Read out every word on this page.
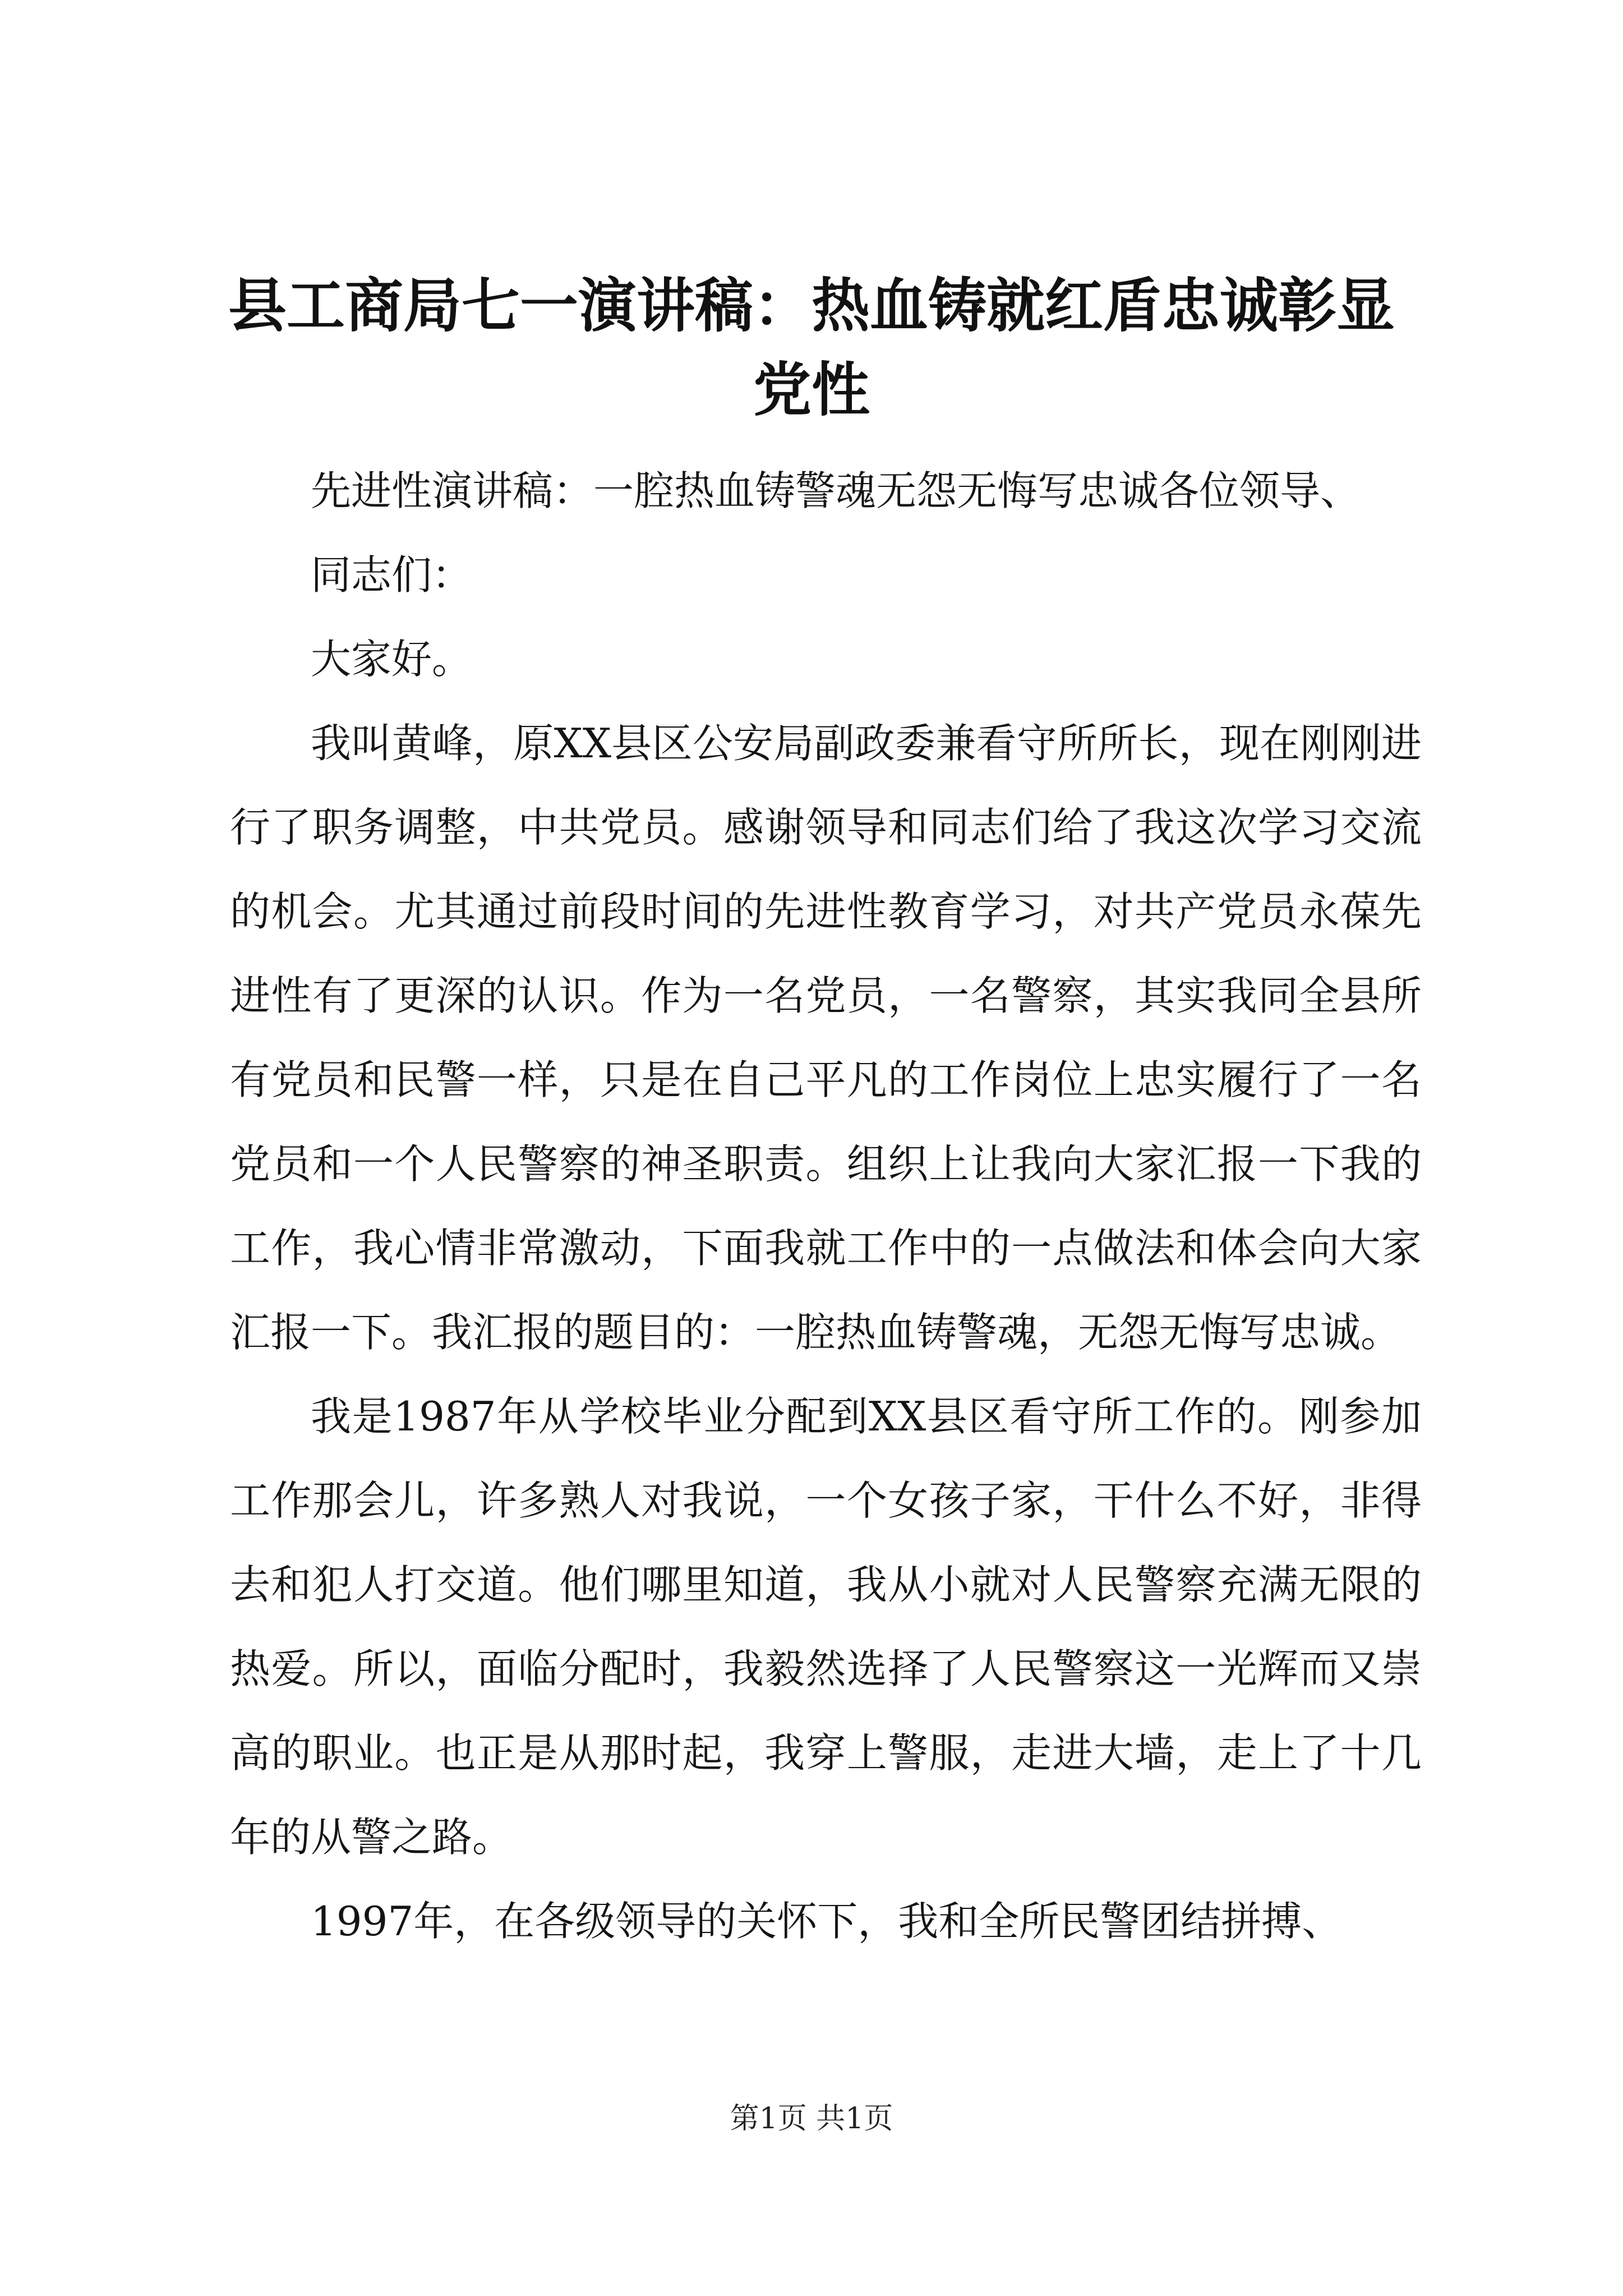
县工商局七一演讲稿：热血铸就红盾忠诚彰显党性

先进性演讲稿：一腔热血铸警魂无怨无悔写忠诚各位领导、

同志们：

大家好。

我叫黄峰，原XX县区公安局副政委兼看守所所长，现在刚刚进行了职务调整，中共党员。感谢领导和同志们给了我这次学习交流的机会。尤其通过前段时间的先进性教育学习，对共产党员永葆先进性有了更深的认识。作为一名党员，一名警察，其实我同全县所有党员和民警一样，只是在自己平凡的工作岗位上忠实履行了一名党员和一个人民警察的神圣职责。组织上让我向大家汇报一下我的工作，我心情非常激动，下面我就工作中的一点做法和体会向大家汇报一下。我汇报的题目的：一腔热血铸警魂，无怨无悔写忠诚。

我是1987年从学校毕业分配到XX县区看守所工作的。刚参加工作那会儿，许多熟人对我说，一个女孩子家，干什么不好，非得去和犯人打交道。他们哪里知道，我从小就对人民警察充满无限的热爱。所以，面临分配时，我毅然选择了人民警察这一光辉而又崇高的职业。也正是从那时起，我穿上警服，走进大墙，走上了十几年的从警之路。

1997年，在各级领导的关怀下，我和全所民警团结拼搏、

第1页 共1页
